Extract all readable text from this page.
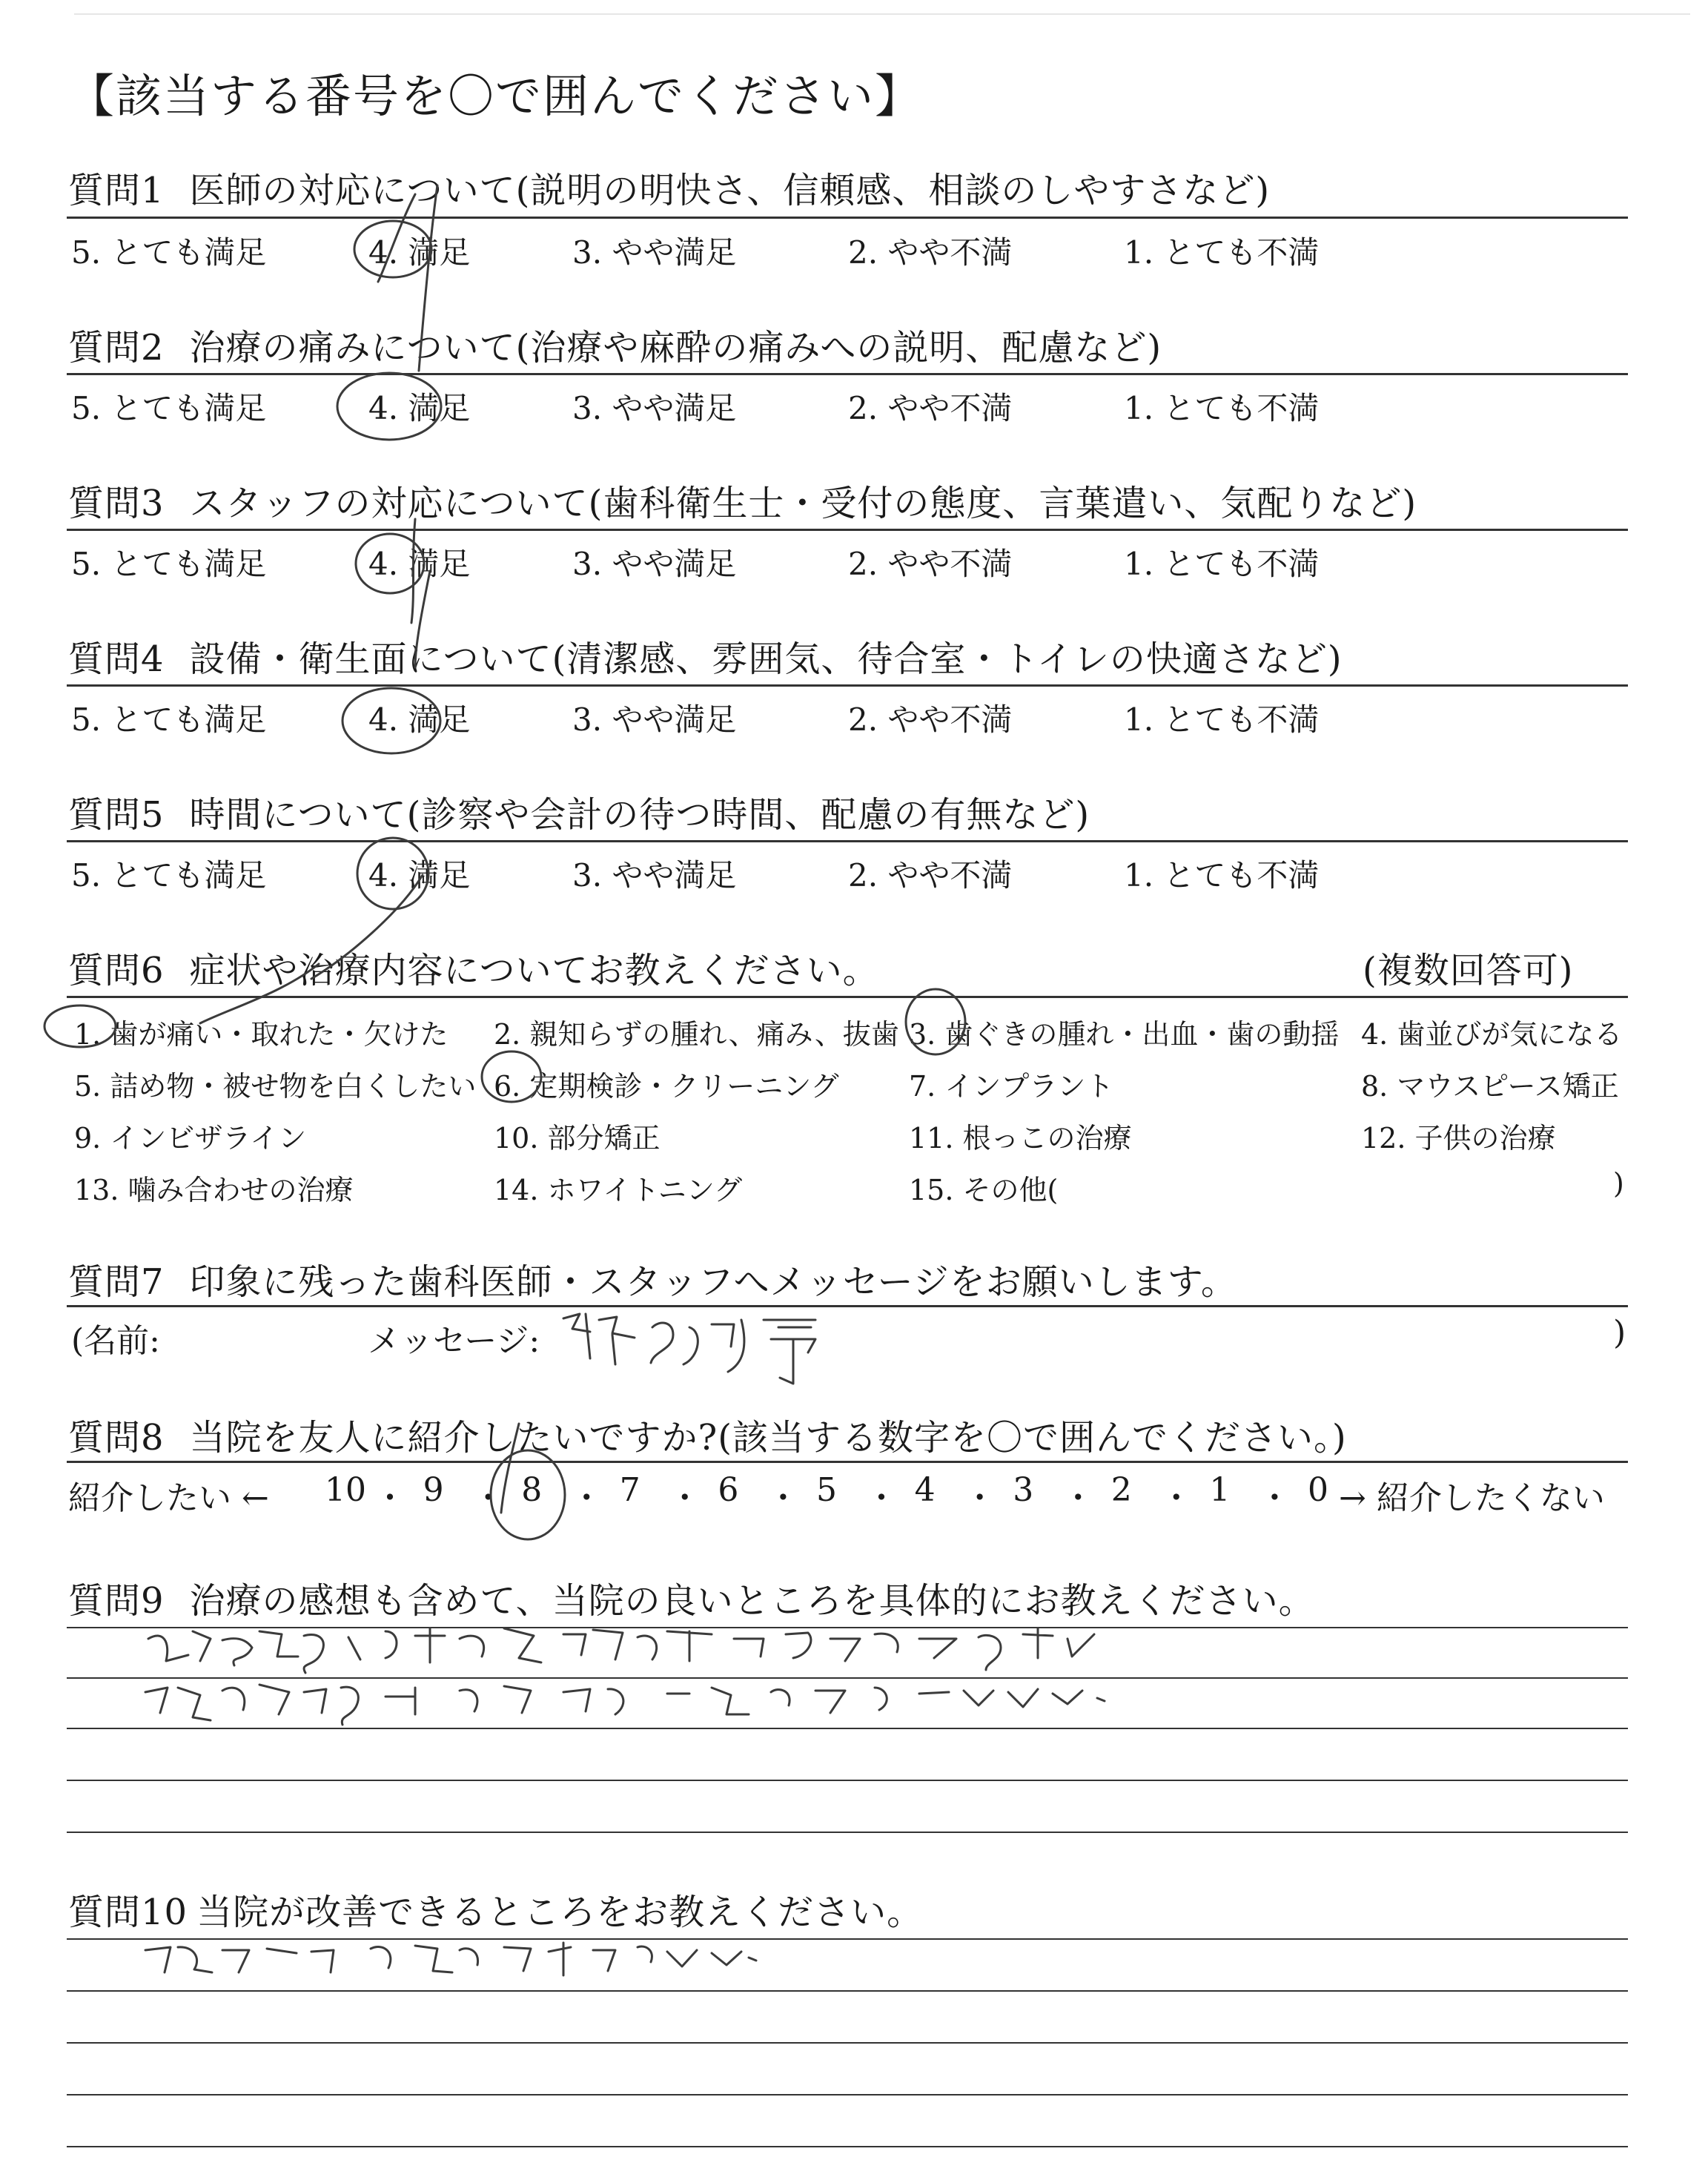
【該当する番号を〇で囲んでください】
質問1 医師の対応について(説明の明快さ、信頼感、相談のしやすさなど)
5. とても満足	4. 満足	3. やや満足	2. やや不満	1. とても不満
質問2 治療の痛みについて(治療や麻酔の痛みへの説明、配慮など)
5. とても満足	4. 満足	3. やや満足	2. やや不満	1. とても不満
質問3 スタッフの対応について(歯科衛生士・受付の態度、言葉遣い、気配りなど)
5. とても満足	4. 満足	3. やや満足	2. やや不満	1. とても不満
質問4 設備・衛生面について(清潔感、雰囲気、待合室・トイレの快適さなど)
5. とても満足	4. 満足	3. やや満足	2. やや不満	1. とても不満
質問5 時間について(診察や会計の待つ時間、配慮の有無など)
5. とても満足	4. 満足	3. やや満足	2. やや不満	1. とても不満
質問6 症状や治療内容についてお教えください。	(複数回答可)
1. 歯が痛い・取れた・欠けた 2. 親知らずの腫れ、痛み、抜歯 3. 歯ぐきの腫れ・出血・歯の動揺 4. 歯並びが気になる
5. 詰め物・被せ物を白くしたい 6. 定期検診・クリーニング 7. インプラント	8. マウスピース矯正
9. インビザライン	10. 部分矯正	11. 根っこの治療	12. 子供の治療
13. 噛み合わせの治療	14. ホワイトニング	15. その他(	)
質問7 印象に残った歯科医師・スタッフへメッセージをお願いします。
(名前:	メッセージ:	)
質問8 当院を友人に紹介したいですか?(該当する数字を〇で囲んでください。)
紹介したい ←	→ 紹介したくない
10 ・ 9 ・ 8 ・ 7 ・ 6 ・ 5 ・ 4 ・ 3 ・ 2 ・ 1 ・ 0
質問9 治療の感想も含めて、当院の良いところを具体的にお教えください。
質問10 当院が改善できるところをお教えください。
